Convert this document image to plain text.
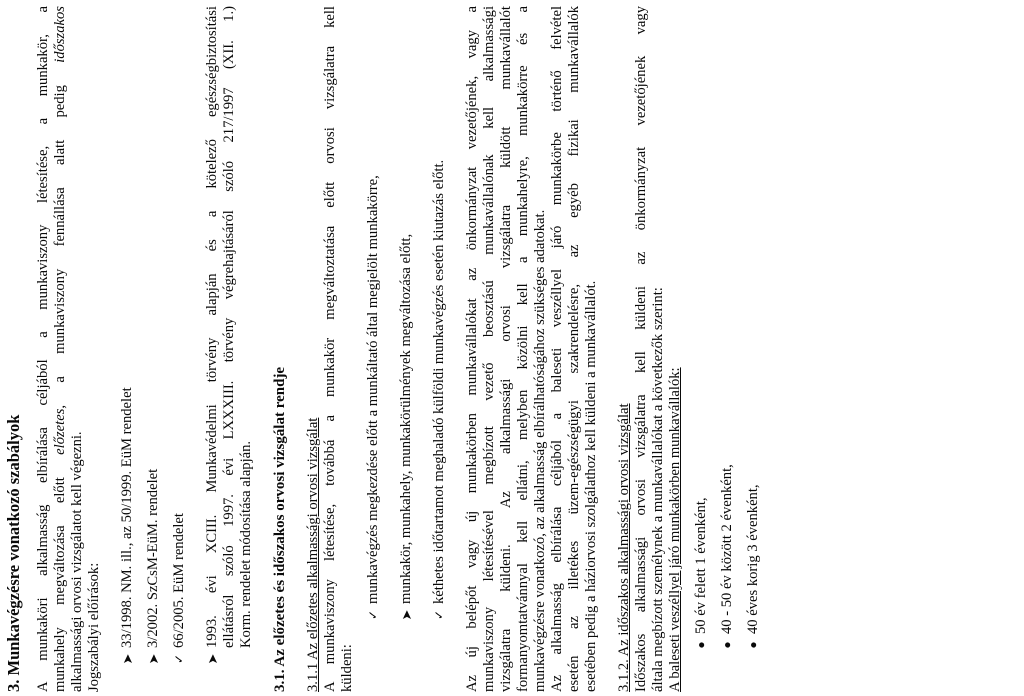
3. Munkavégzésre vonatkozó szabályok A munkaköri alkalmasság elbírálása céljából a munkaviszony létesítése, a munkakör, a munkahely megváltozása előtt előzetes, a munkaviszony fennállása alatt pedig időszakos
alkalmassági orvosi vizsgálatot kell végezni. Jogszabályi előírások: ➤
33/1998. NM. ill., az 50/1999. EüM rendelet
➤
3/2002. SzCsM-EüM. rendelet
✓
66/2005. EüM rendelet
➤
1993. évi XCIII. Munkavédelmi törvény alapján és a kötelező egészségbiztosítási ellátásról szóló 1997. évi LXXXIII. törvény végrehajtásáról szóló 217/1997 (XII. 1.) Korm. rendelet módosítása alapján. 3.1. Az előzetes és időszakos orvosi vizsgálat rendje 3.1.1 Az előzetes alkalmassági orvosi vizsgálat A munkaviszony létesítése, továbbá a munkakör megváltoztatása előtt orvosi vizsgálatra kell küldeni:
✓
munkavégzés megkezdése előtt a munkáltató által megjelölt munkakörre,
➤
munkakör, munkahely, munkakörülmények megváltozása előtt,
✓
kéthetes időtartamot meghaladó külföldi munkavégzés esetén kiutazás előtt. Az új belépőt vagy új munkakörben munkavállalókat az önkormányzat vezetőjének, vagy a munkaviszony létesítésével megbízott vezető beosztású munkavállalónak kell alkalmassági vizsgálatra küldeni. Az alkalmassági orvosi vizsgálatra küldött munkavállalót formanyomtatvánnyal kell ellátni, melyben közölni kell a munkahelyre, munkakörre és a munkavégzésre vonatkozó, az alkalmasság elbírálhatóságához szükséges adatokat. Az alkalmasság elbírálása céljából a baleseti veszéllyel járó munkakörbe történő felvétel esetén az illetékes üzem-egészségügyi szakrendelésre, az egyéb fizikai munkavállalók esetében pedig a háziorvosi szolgálathoz kell küldeni a munkavállalót. 3.1.2. Az időszakos alkalmassági orvosi vizsgálat Időszakos alkalmassági orvosi vizsgálatra kell küldeni az önkormányzat vezetőjének vagy általa megbízott személynek a munkavállalókat a következők szerint: A baleseti veszéllyel járó munkakörben munkavállalók: ●
50 év felett 1 évenként,
●
40 - 50 év között 2 évenként,
●
40 éves korig 3 évenként,
